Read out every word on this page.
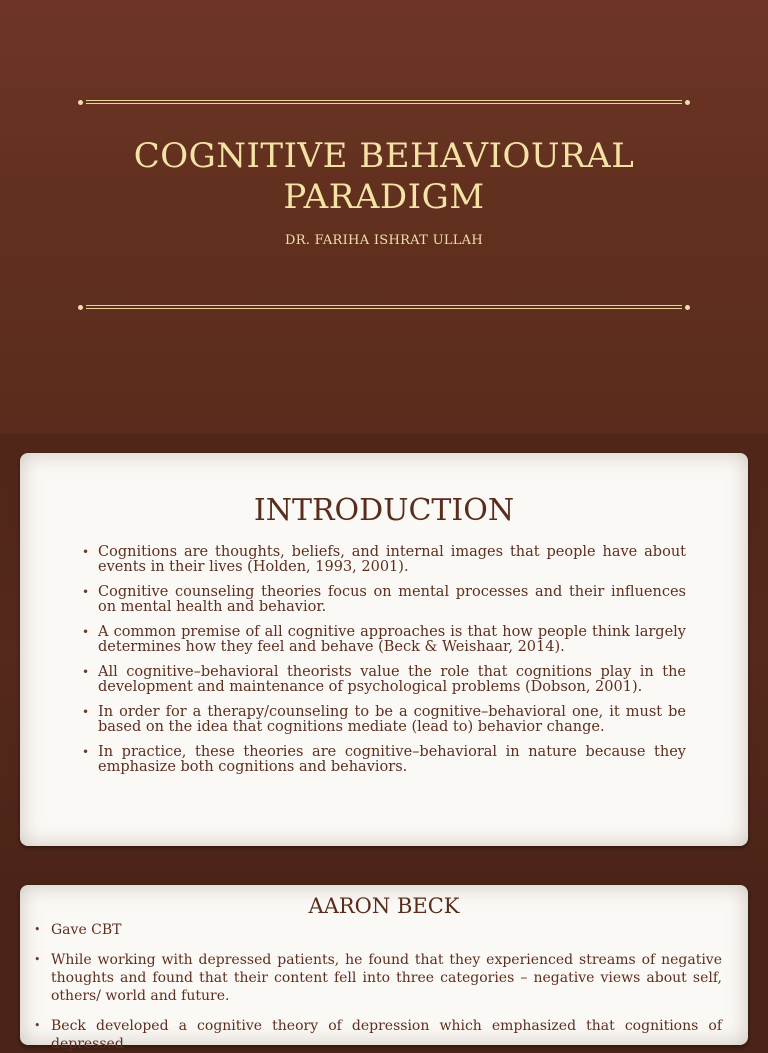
COGNITIVE BEHAVIOURAL
PARADIGM
DR. FARIHA ISHRAT ULLAH
INTRODUCTION
• Cognitions are thoughts, beliefs, and internal images that people have about events in their lives (Holden, 1993, 2001).
• Cognitive counseling theories focus on mental processes and their influences on mental health and behavior.
• A common premise of all cognitive approaches is that how people think largely determines how they feel and behave (Beck & Weishaar, 2014).
• All cognitive–behavioral theorists value the role that cognitions play in the development and maintenance of psychological problems (Dobson, 2001).
• In order for a therapy/counseling to be a cognitive–behavioral one, it must be based on the idea that cognitions mediate (lead to) behavior change.
• In practice, these theories are cognitive–behavioral in nature because they emphasize both cognitions and behaviors.
AARON BECK
• Gave CBT
• While working with depressed patients, he found that they experienced streams of negative thoughts and found that their content fell into three categories – negative views about self, others/ world and future.
• Beck developed a cognitive theory of depression which emphasized that cognitions of depressed
